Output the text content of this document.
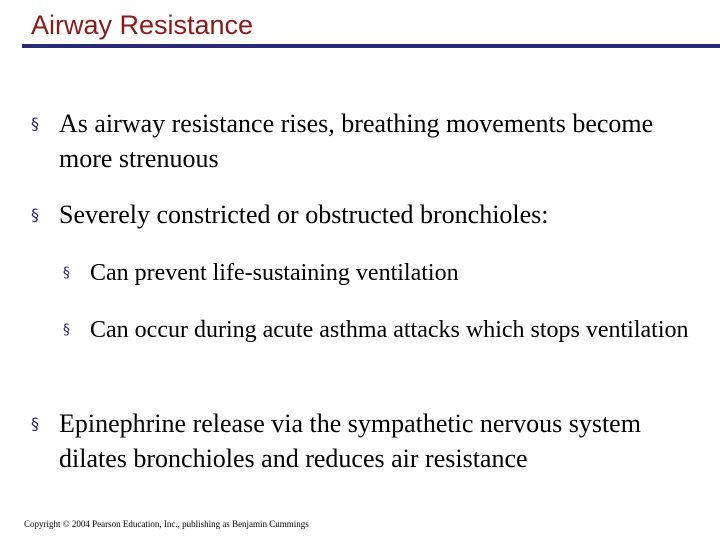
Airway Resistance
§ As airway resistance rises, breathing movements become more strenuous
§ Severely constricted or obstructed bronchioles:
§ Can prevent life-sustaining ventilation
§ Can occur during acute asthma attacks which stops ventilation
§ Epinephrine release via the sympathetic nervous system dilates bronchioles and reduces air resistance
Copyright © 2004 Pearson Education, Inc., publishing as Benjamin Cummings
